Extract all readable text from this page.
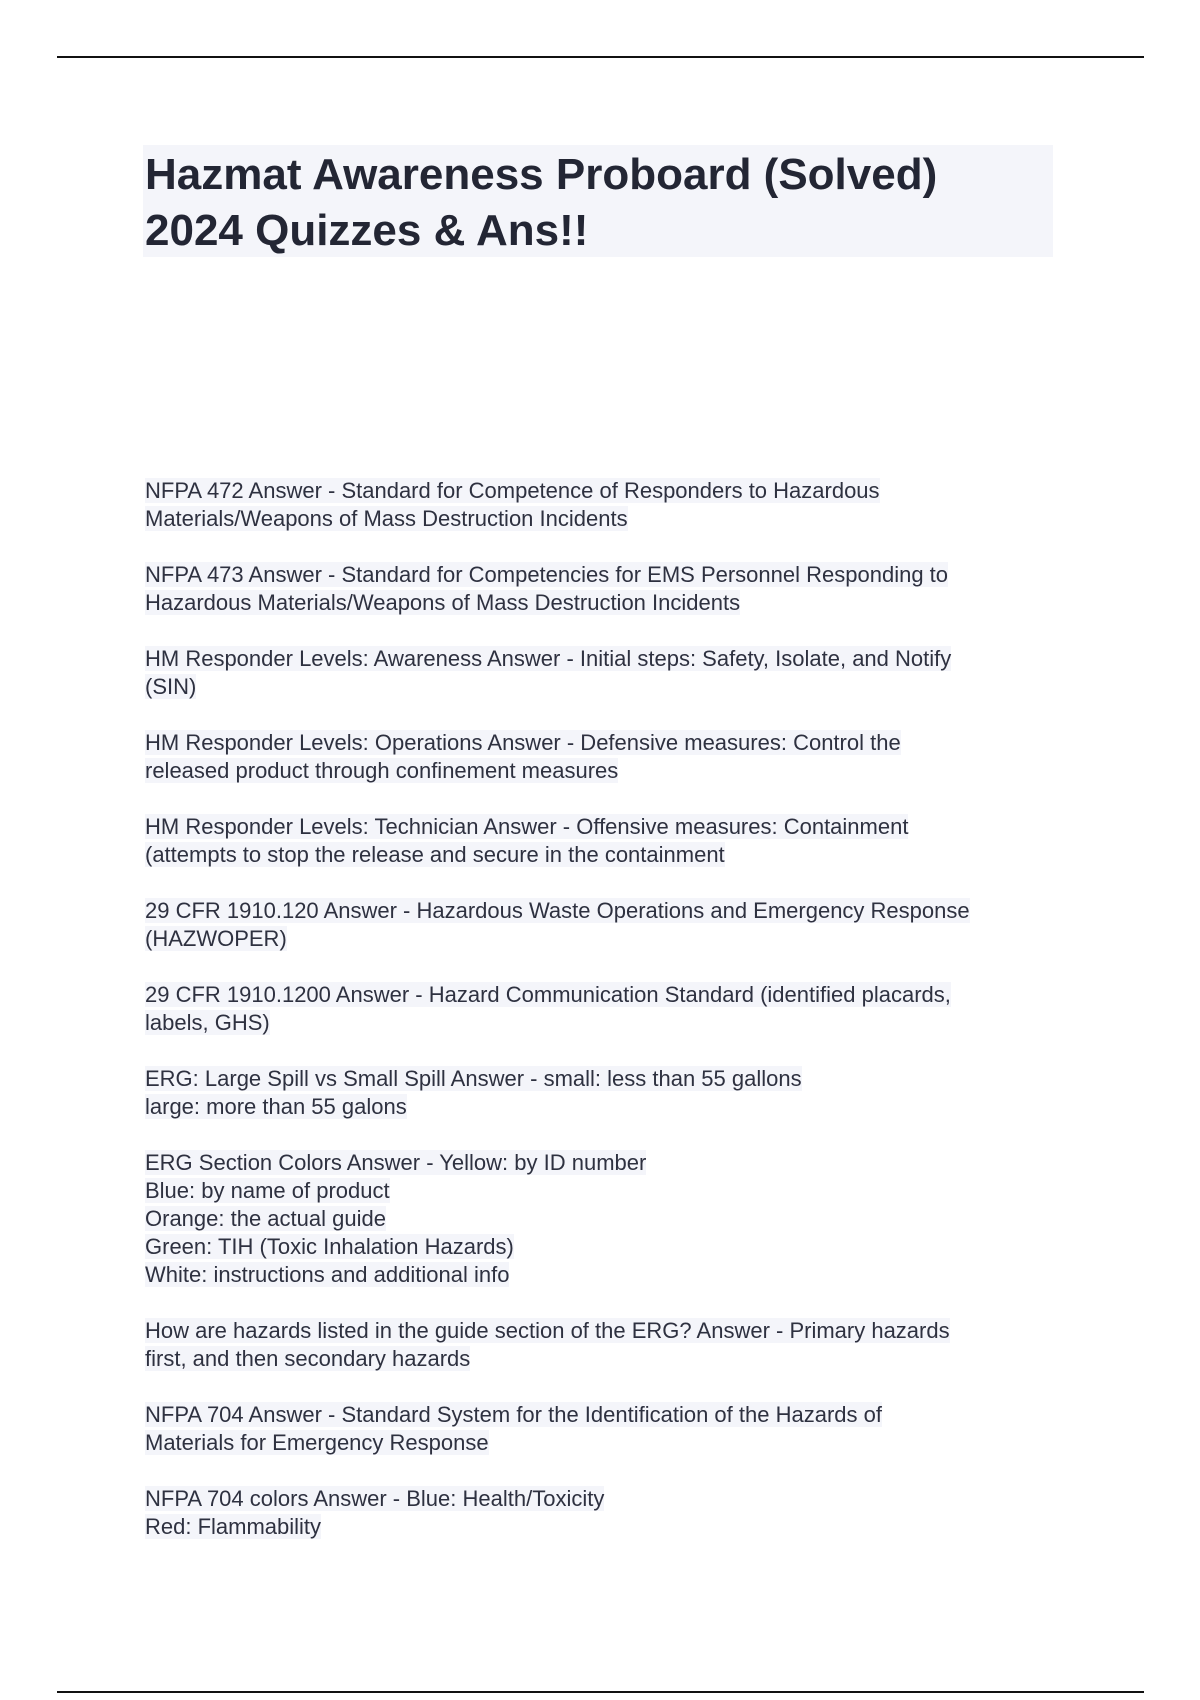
Hazmat Awareness Proboard (Solved)
2024 Quizzes & Ans!!
NFPA 472 Answer - Standard for Competence of Responders to Hazardous
Materials/Weapons of Mass Destruction Incidents
NFPA 473 Answer - Standard for Competencies for EMS Personnel Responding to
Hazardous Materials/Weapons of Mass Destruction Incidents
HM Responder Levels: Awareness Answer - Initial steps: Safety, Isolate, and Notify
(SIN)
HM Responder Levels: Operations Answer - Defensive measures: Control the
released product through confinement measures
HM Responder Levels: Technician Answer - Offensive measures: Containment
(attempts to stop the release and secure in the containment
29 CFR 1910.120 Answer - Hazardous Waste Operations and Emergency Response
(HAZWOPER)
29 CFR 1910.1200 Answer - Hazard Communication Standard (identified placards,
labels, GHS)
ERG: Large Spill vs Small Spill Answer - small: less than 55 gallons
large: more than 55 galons
ERG Section Colors Answer - Yellow: by ID number
Blue: by name of product
Orange: the actual guide
Green: TIH (Toxic Inhalation Hazards)
White: instructions and additional info
How are hazards listed in the guide section of the ERG? Answer - Primary hazards
first, and then secondary hazards
NFPA 704 Answer - Standard System for the Identification of the Hazards of
Materials for Emergency Response
NFPA 704 colors Answer - Blue: Health/Toxicity
Red: Flammability
